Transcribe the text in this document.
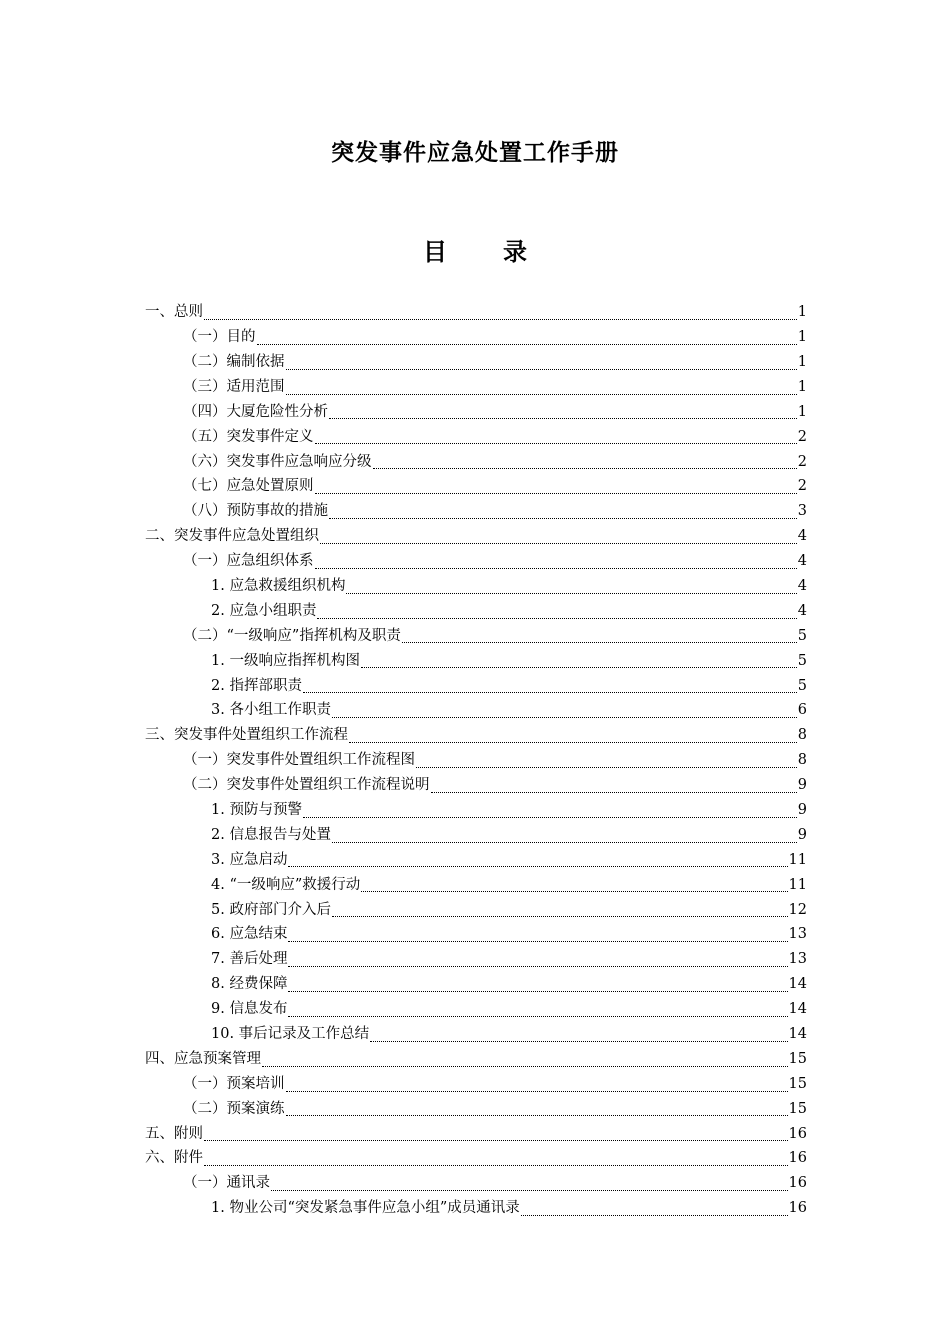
突发事件应急处置工作手册
目 录
一、总则	1
（一）目的	1
（二）编制依据	1
（三）适用范围	1
（四）大厦危险性分析	1
（五）突发事件定义	2
（六）突发事件应急响应分级	2
（七）应急处置原则	2
（八）预防事故的措施	3
二、突发事件应急处置组织	4
（一）应急组织体系	4
1. 应急救援组织机构	4
2. 应急小组职责	4
（二）“一级响应”指挥机构及职责	5
1. 一级响应指挥机构图	5
2. 指挥部职责	5
3. 各小组工作职责	6
三、突发事件处置组织工作流程	8
（一）突发事件处置组织工作流程图	8
（二）突发事件处置组织工作流程说明	9
1. 预防与预警	9
2. 信息报告与处置	9
3. 应急启动	11
4. “一级响应”救援行动	11
5. 政府部门介入后	12
6. 应急结束	13
7. 善后处理	13
8. 经费保障	14
9. 信息发布	14
10. 事后记录及工作总结	14
四、应急预案管理	15
（一）预案培训	15
（二）预案演练	15
五、附则	16
六、附件	16
（一）通讯录	16
1. 物业公司“突发紧急事件应急小组”成员通讯录	16
